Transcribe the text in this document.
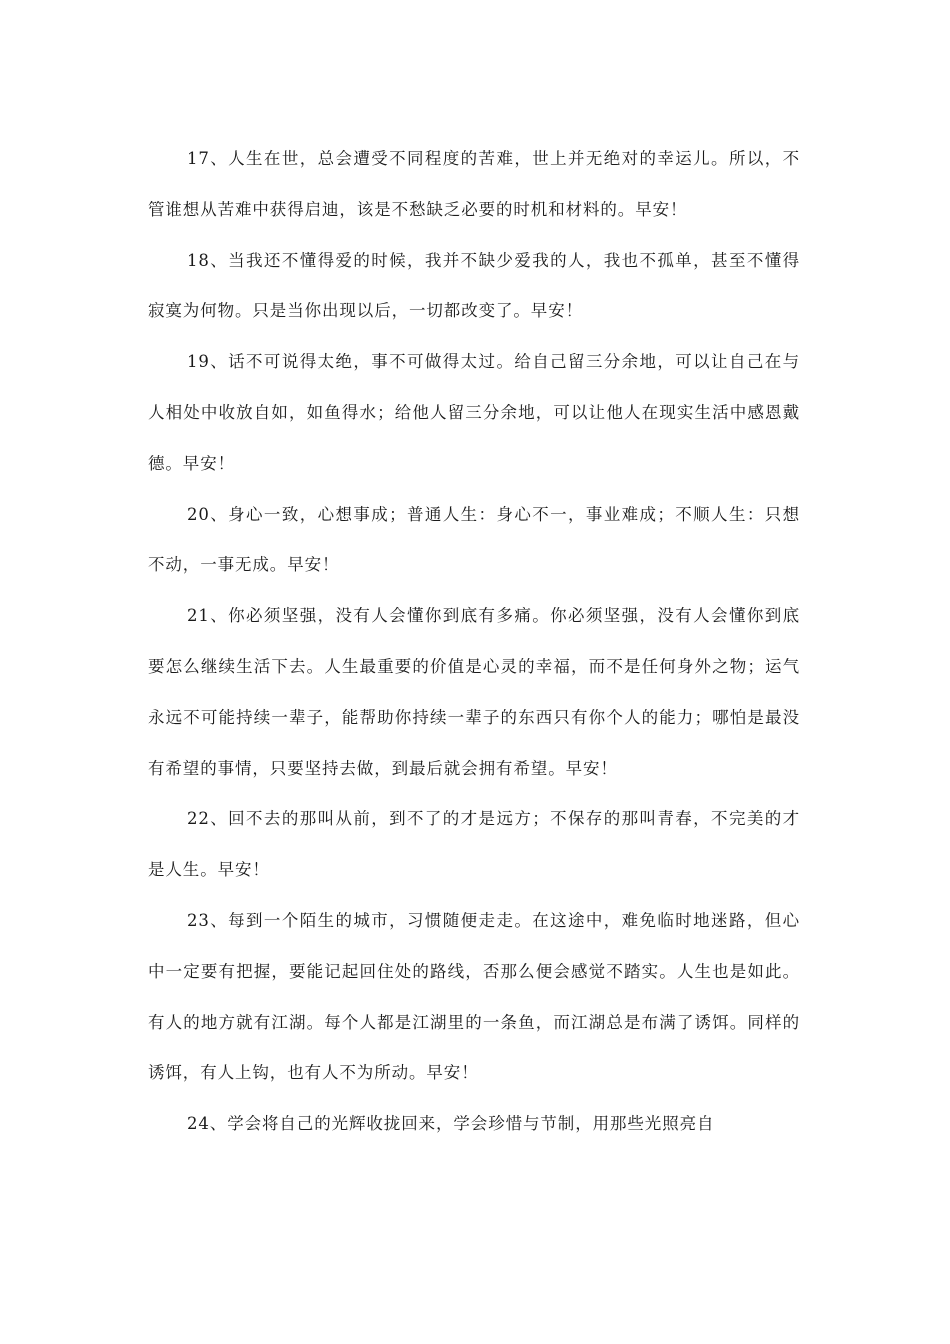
17、人生在世，总会遭受不同程度的苦难，世上并无绝对的幸运儿。所以，不管谁想从苦难中获得启迪，该是不愁缺乏必要的时机和材料的。早安！

18、当我还不懂得爱的时候，我并不缺少爱我的人，我也不孤单，甚至不懂得寂寞为何物。只是当你出现以后，一切都改变了。早安！

19、话不可说得太绝，事不可做得太过。给自己留三分余地，可以让自己在与人相处中收放自如，如鱼得水；给他人留三分余地，可以让他人在现实生活中感恩戴德。早安！

20、身心一致，心想事成；普通人生：身心不一，事业难成；不顺人生：只想不动，一事无成。早安！

21、你必须坚强，没有人会懂你到底有多痛。你必须坚强，没有人会懂你到底要怎么继续生活下去。人生最重要的价值是心灵的幸福，而不是任何身外之物；运气永远不可能持续一辈子，能帮助你持续一辈子的东西只有你个人的能力；哪怕是最没有希望的事情，只要坚持去做，到最后就会拥有希望。早安！

22、回不去的那叫从前，到不了的才是远方；不保存的那叫青春，不完美的才是人生。早安！

23、每到一个陌生的城市，习惯随便走走。在这途中，难免临时地迷路，但心中一定要有把握，要能记起回住处的路线，否那么便会感觉不踏实。人生也是如此。有人的地方就有江湖。每个人都是江湖里的一条鱼，而江湖总是布满了诱饵。同样的诱饵，有人上钩，也有人不为所动。早安！

24、学会将自己的光辉收拢回来，学会珍惜与节制，用那些光照亮自
